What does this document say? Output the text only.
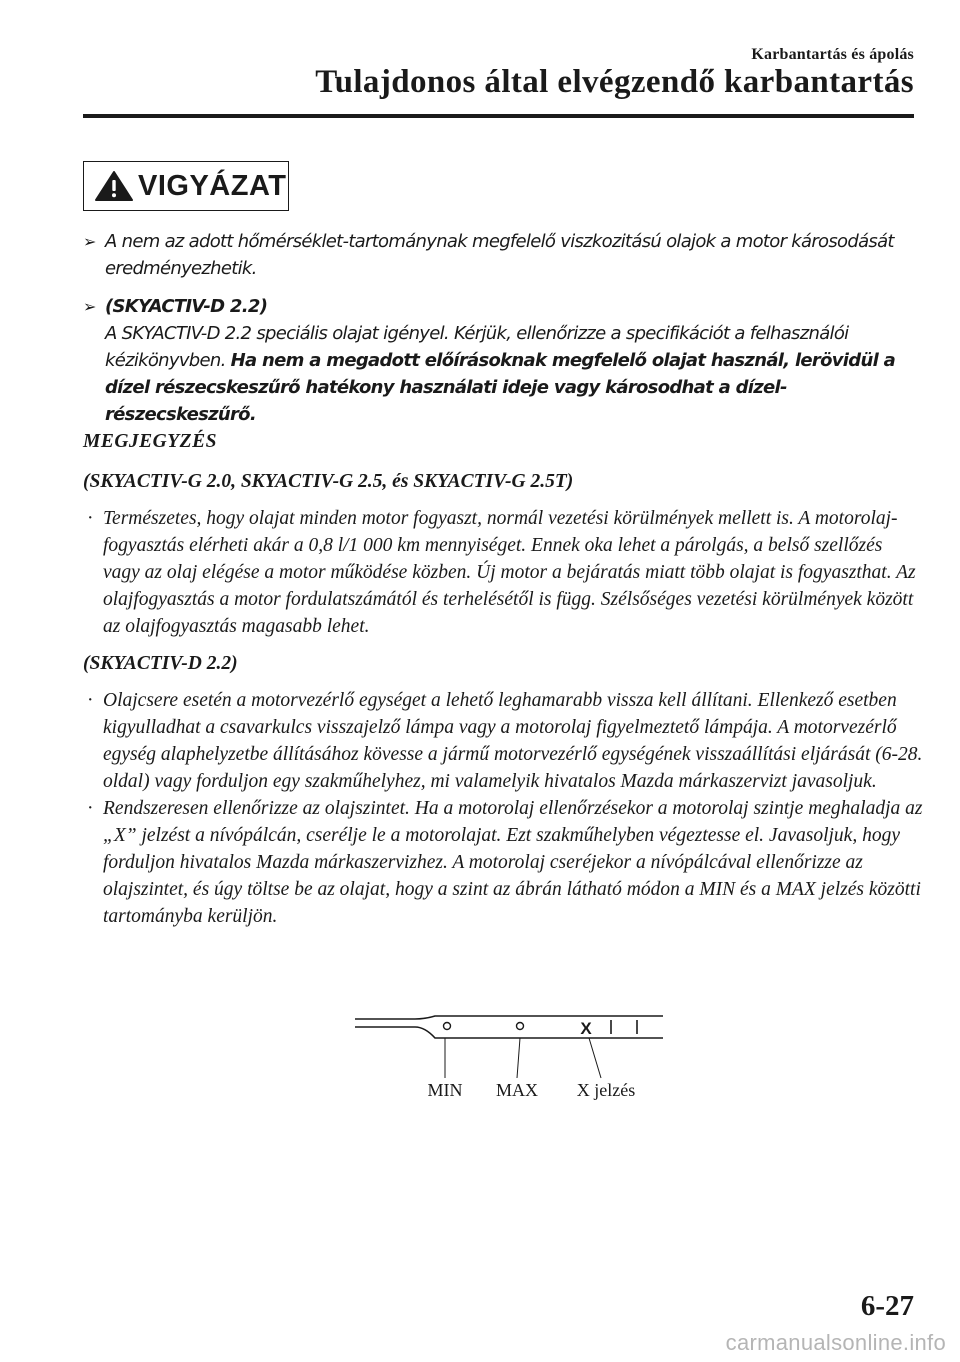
Karbantartás és ápolás
Tulajdonos által elvégzendő karbantartás
VIGYÁZAT
➢ A nem az adott hőmérséklet-tartománynak megfelelő viszkozitású olajok a motor károsodását eredményezhetik.
➢ (SKYACTIV-D 2.2)
A SKYACTIV-D 2.2 speciális olajat igényel. Kérjük, ellenőrizze a specifikációt a felhasználói kézikönyvben. Ha nem a megadott előírásoknak megfelelő olajat használ, lerövidül a dízel részecskeszűrő hatékony használati ideje vagy károsodhat a dízel-részecskeszűrő.
MEGJEGYZÉS
(SKYACTIV-G 2.0, SKYACTIV-G 2.5, és SKYACTIV-G 2.5T)
· Természetes, hogy olajat minden motor fogyaszt, normál vezetési körülmények mellett is. A motorolaj-fogyasztás elérheti akár a 0,8 l/1 000 km mennyiséget. Ennek oka lehet a párolgás, a belső szellőzés vagy az olaj elégése a motor működése közben. Új motor a bejáratás miatt több olajat is fogyaszthat. Az olajfogyasztás a motor fordulatszámától és terhelésétől is függ. Szélsőséges vezetési körülmények között az olajfogyasztás magasabb lehet.
(SKYACTIV-D 2.2)
· Olajcsere esetén a motorvezérlő egységet a lehető leghamarabb vissza kell állítani. Ellenkező esetben kigyulladhat a csavarkulcs visszajelző lámpa vagy a motorolaj figyelmeztető lámpája. A motorvezérlő egység alaphelyzetbe állításához kövesse a jármű motorvezérlő egységének visszaállítási eljárását (6-28. oldal) vagy forduljon egy szakműhelyhez, mi valamelyik hivatalos Mazda márkaszervizt javasoljuk.
· Rendszeresen ellenőrizze az olajszintet. Ha a motorolaj ellenőrzésekor a motorolaj szintje meghaladja az „X” jelzést a nívópálcán, cserélje le a motorolajat. Ezt szakműhelyben végeztesse el. Javasoljuk, hogy forduljon hivatalos Mazda márkaszervizhez. A motorolaj cseréjekor a nívópálcával ellenőrizze az olajszintet, és úgy töltse be az olajat, hogy a szint az ábrán látható módon a MIN és a MAX jelzés közötti tartományba kerüljön.
X
MIN MAX X jelzés
6-27
carmanualsonline.info
